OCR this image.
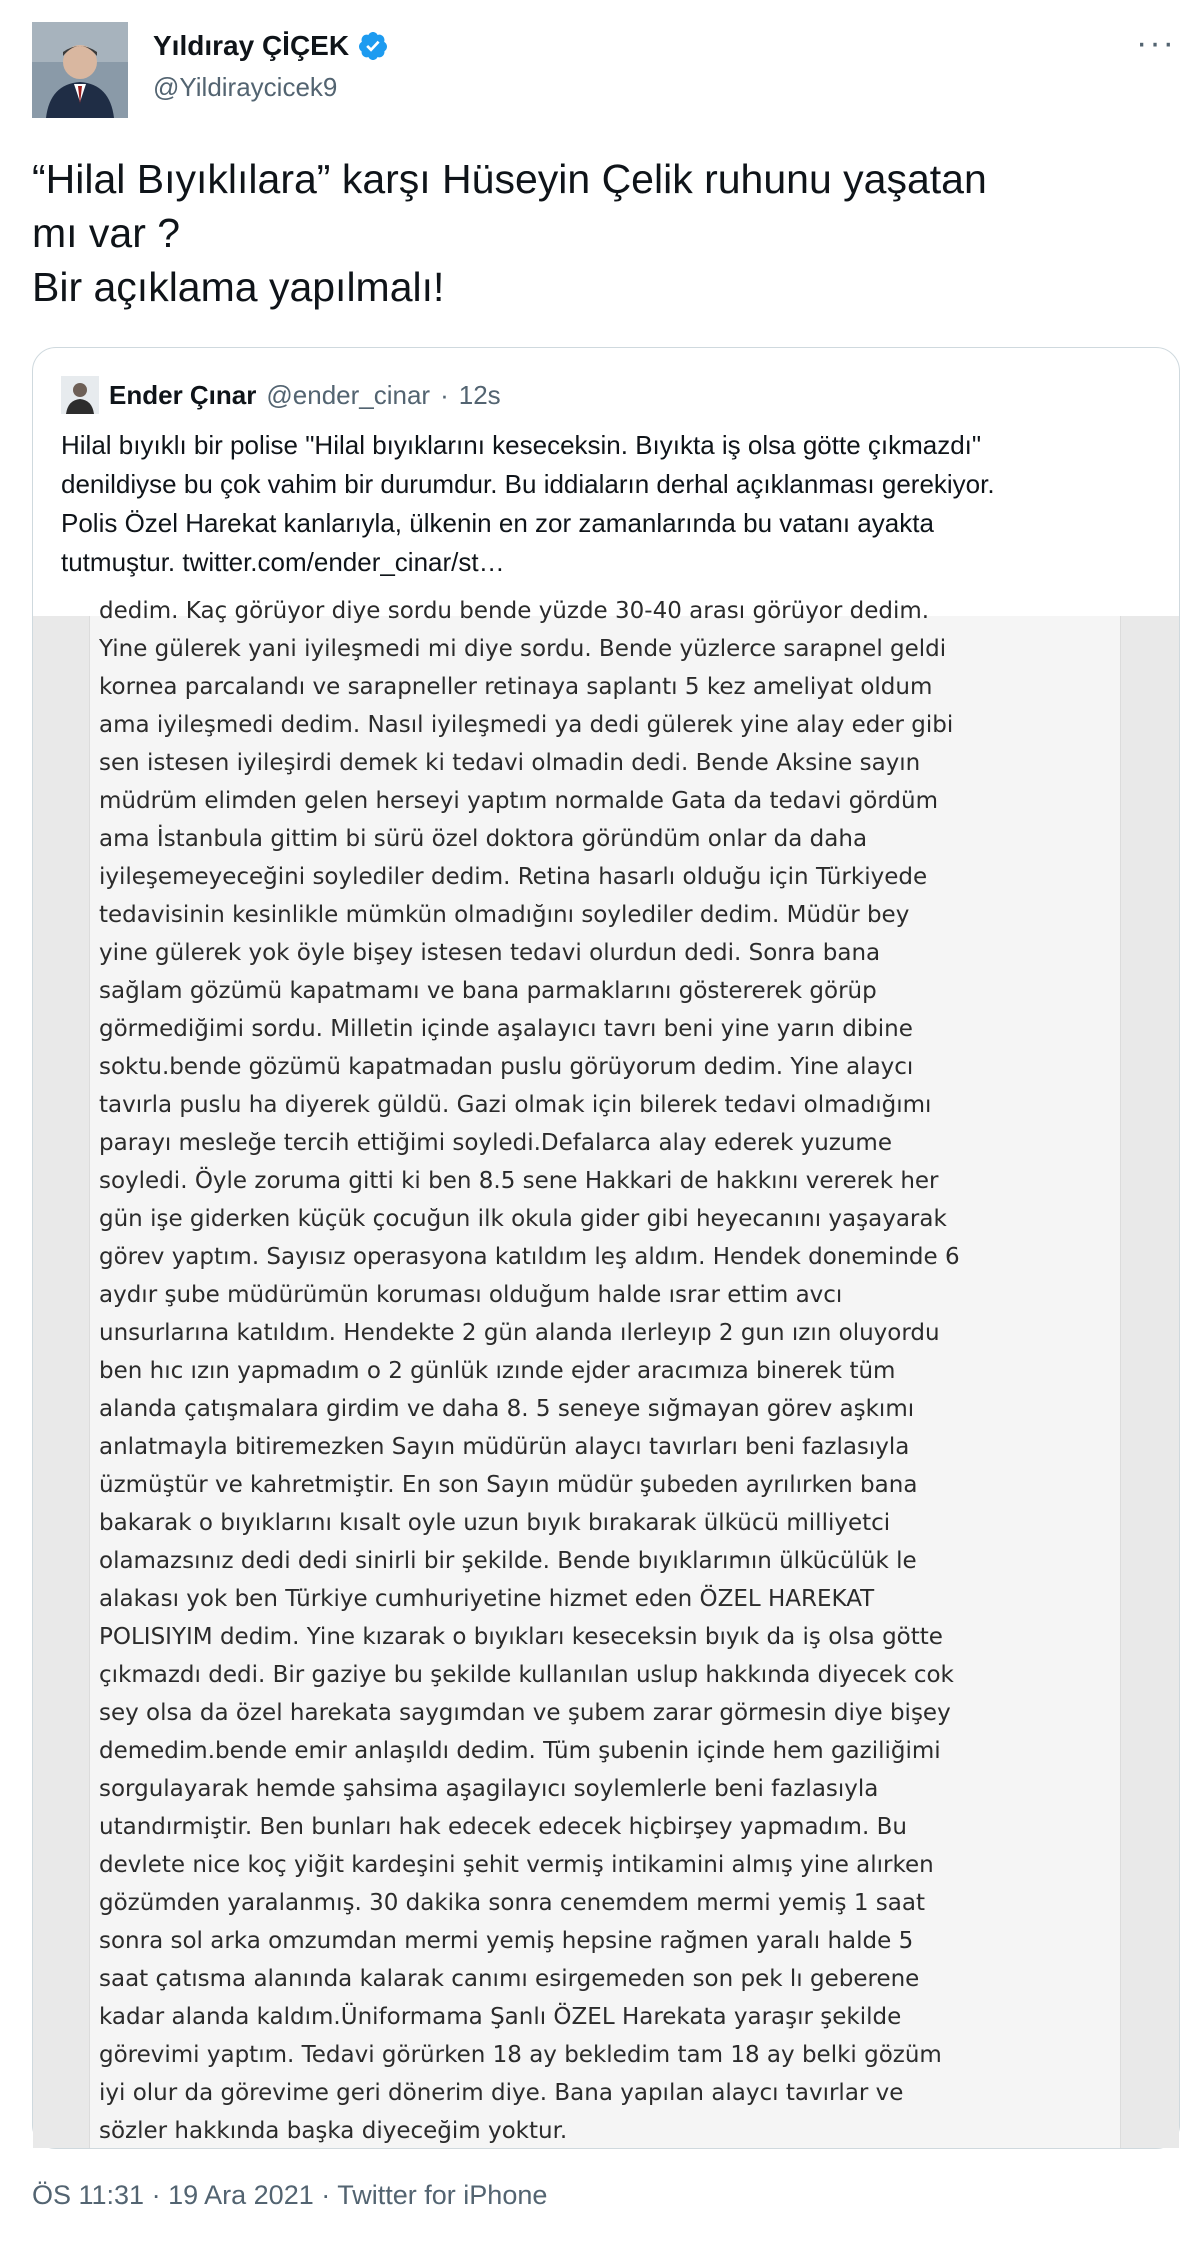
Yıldıray ÇİÇEK
@Yildiraycicek9
···
“Hilal Bıyıklılara” karşı Hüseyin Çelik ruhunu yaşatan
mı var ?
Bir açıklama yapılmalı!
Ender Çınar @ender_cinar · 12s
Hilal bıyıklı bir polise "Hilal bıyıklarını keseceksin. Bıyıkta iş olsa götte çıkmazdı"
denildiyse bu çok vahim bir durumdur. Bu iddiaların derhal açıklanması gerekiyor.
Polis Özel Harekat kanlarıyla, ülkenin en zor zamanlarında bu vatanı ayakta
tutmuştur. twitter.com/ender_cinar/st…
dedim. Kaç görüyor diye sordu bende yüzde 30-40 arası görüyor dedim.
Yine gülerek yani iyileşmedi mi diye sordu. Bende yüzlerce sarapnel geldi
kornea parcalandı ve sarapneller retinaya saplantı 5 kez ameliyat oldum
ama iyileşmedi dedim. Nasıl iyileşmedi ya dedi gülerek yine alay eder gibi
sen istesen iyileşirdi demek ki tedavi olmadin dedi. Bende Aksine sayın
müdrüm elimden gelen herseyi yaptım normalde Gata da tedavi gördüm
ama İstanbula gittim bi sürü özel doktora göründüm onlar da daha
iyileşemeyeceğini soylediler dedim. Retina hasarlı olduğu için Türkiyede
tedavisinin kesinlikle mümkün olmadığını soylediler dedim. Müdür bey
yine gülerek yok öyle bişey istesen tedavi olurdun dedi. Sonra bana
sağlam gözümü kapatmamı ve bana parmaklarını göstererek görüp
görmediğimi sordu. Milletin içinde aşalayıcı tavrı beni yine yarın dibine
soktu.bende gözümü kapatmadan puslu görüyorum dedim. Yine alaycı
tavırla puslu ha diyerek güldü. Gazi olmak için bilerek tedavi olmadığımı
parayı mesleğe tercih ettiğimi soyledi.Defalarca alay ederek yuzume
soyledi. Öyle zoruma gitti ki ben 8.5 sene Hakkari de hakkını vererek her
gün işe giderken küçük çocuğun ilk okula gider gibi heyecanını yaşayarak
görev yaptım. Sayısız operasyona katıldım leş aldım. Hendek doneminde 6
aydır şube müdürümün koruması olduğum halde ısrar ettim avcı
unsurlarına katıldım. Hendekte 2 gün alanda ılerleyıp 2 gun ızın oluyordu
ben hıc ızın yapmadım o 2 günlük ızınde ejder aracımıza binerek tüm
alanda çatışmalara girdim ve daha 8. 5 seneye sığmayan görev aşkımı
anlatmayla bitiremezken Sayın müdürün alaycı tavırları beni fazlasıyla
üzmüştür ve kahretmiştir. En son Sayın müdür şubeden ayrılırken bana
bakarak o bıyıklarını kısalt oyle uzun bıyık bırakarak ülkücü milliyetci
olamazsınız dedi dedi sinirli bir şekilde. Bende bıyıklarımın ülkücülük le
alakası yok ben Türkiye cumhuriyetine hizmet eden ÖZEL HAREKAT
POLISIYIM dedim. Yine kızarak o bıyıkları keseceksin bıyık da iş olsa götte
çıkmazdı dedi. Bir gaziye bu şekilde kullanılan uslup hakkında diyecek cok
sey olsa da özel harekata saygımdan ve şubem zarar görmesin diye bişey
demedim.bende emir anlaşıldı dedim. Tüm şubenin içinde hem gaziliğimi
sorgulayarak hemde şahsima aşagilayıcı soylemlerle beni fazlasıyla
utandırmiştir. Ben bunları hak edecek edecek hiçbirşey yapmadım. Bu
devlete nice koç yiğit kardeşini şehit vermiş intikamini almış yine alırken
gözümden yaralanmış. 30 dakika sonra cenemdem mermi yemiş 1 saat
sonra sol arka omzumdan mermi yemiş hepsine rağmen yaralı halde 5
saat çatısma alanında kalarak canımı esirgemeden son pek lı geberene
kadar alanda kaldım.Üniformama Şanlı ÖZEL Harekata yaraşır şekilde
görevimi yaptım. Tedavi görürken 18 ay bekledim tam 18 ay belki gözüm
iyi olur da görevime geri dönerim diye. Bana yapılan alaycı tavırlar ve
sözler hakkında başka diyeceğim yoktur.
ÖS 11:31 · 19 Ara 2021 · Twitter for iPhone
